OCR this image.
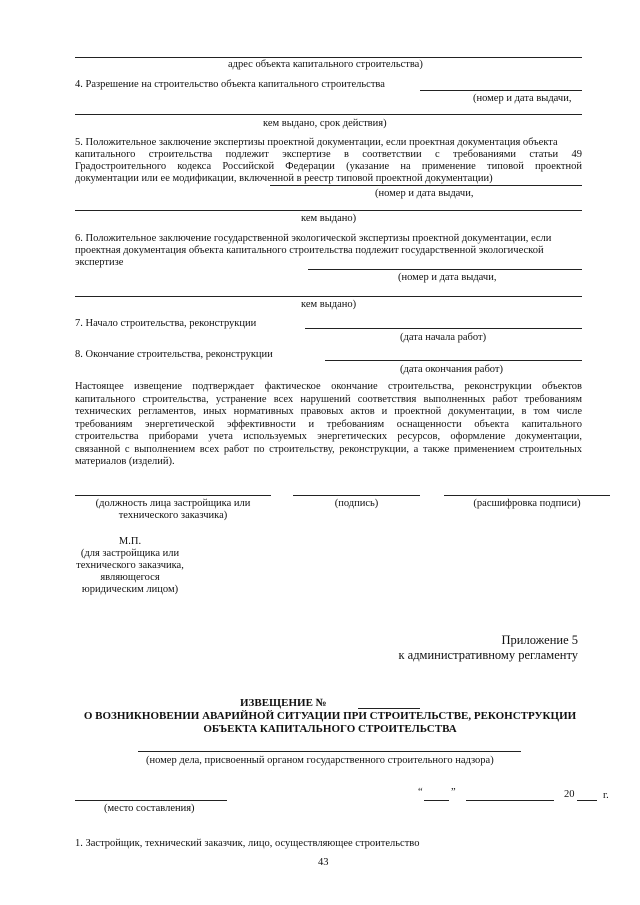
адрес объекта капитального строительства)
4. Разрешение на строительство объекта капитального строительства
(номер и дата выдачи,
кем выдано, срок действия)
5. Положительное заключение экспертизы проектной документации, если проектная документация объекта
капитального строительства подлежит экспертизе в соответствии с требованиями статьи 49
Градостроительного кодекса Российской Федерации (указание на применение типовой проектной
документации или ее модификации, включенной в реестр типовой проектной документации)
(номер и дата выдачи,
кем выдано)
6. Положительное заключение государственной экологической экспертизы проектной документации, если
проектная документация объекта капитального строительства подлежит государственной экологической
экспертизе
(номер и дата выдачи,
кем выдано)
7. Начало строительства, реконструкции
(дата начала работ)
8. Окончание строительства, реконструкции
(дата окончания работ)
Настоящее извещение подтверждает фактическое окончание строительства, реконструкции объектов
капитального строительства, устранение всех нарушений соответствия выполненных работ требованиям
технических регламентов, иных нормативных правовых актов и проектной документации, в том числе
требованиям энергетической эффективности и требованиям оснащенности объекта капитального
строительства приборами учета используемых энергетических ресурсов, оформление документации,
связанной с выполнением всех работ по строительству, реконструкции, а также применением строительных
материалов (изделий).
(должность лица застройщика или
технического заказчика)
(подпись)	(расшифровка подписи)
М.П.
(для застройщика или
технического заказчика,
являющегося
юридическим лицом)
Приложение 5
к административному регламенту
ИЗВЕЩЕНИЕ №
О ВОЗНИКНОВЕНИИ АВАРИЙНОЙ СИТУАЦИИ ПРИ СТРОИТЕЛЬСТВЕ, РЕКОНСТРУКЦИИ
ОБЪЕКТА КАПИТАЛЬНОГО СТРОИТЕЛЬСТВА
(номер дела, присвоенный органом государственного строительного надзора)
(место составления)
“	”	20	г.
1. Застройщик, технический заказчик, лицо, осуществляющее строительство
43
